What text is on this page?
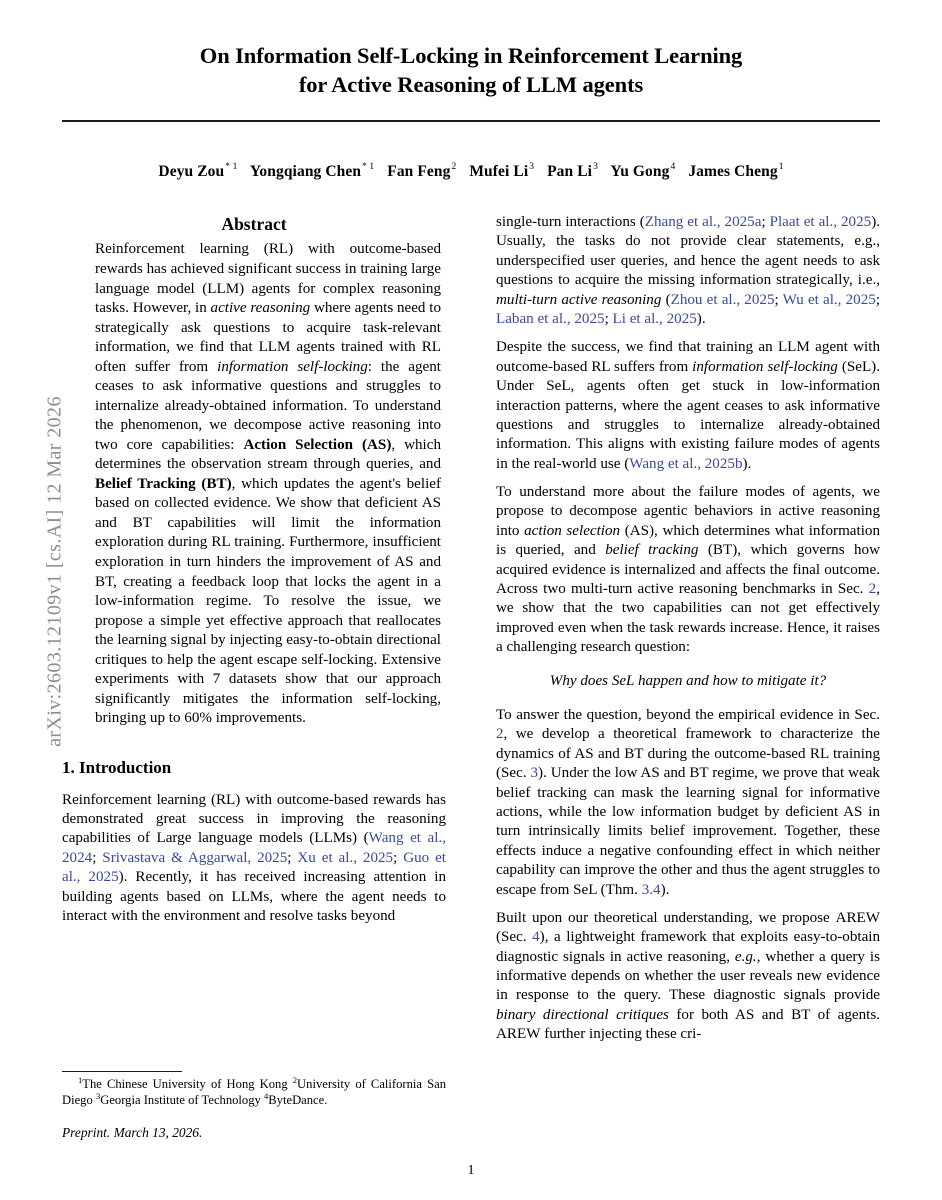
arXiv:2603.12109v1 [cs.AI] 12 Mar 2026
On Information Self-Locking in Reinforcement Learning
for Active Reasoning of LLM agents
Deyu Zou$^{* 1}$ Yongqiang Chen$^{* 1}$ Fan Feng$^2$ Mufei Li$^3$ Pan Li$^3$ Yu Gong$^4$ James Cheng$^1$
Abstract
Reinforcement learning (RL) with outcome-based rewards has achieved significant success in training large language model (LLM) agents for complex reasoning tasks. However, in active reasoning where agents need to strategically ask questions to acquire task-relevant information, we find that LLM agents trained with RL often suffer from information self-locking: the agent ceases to ask informative questions and struggles to internalize already-obtained information. To understand the phenomenon, we decompose active reasoning into two core capabilities: Action Selection (AS), which determines the observation stream through queries, and Belief Tracking (BT), which updates the agent's belief based on collected evidence. We show that deficient AS and BT capabilities will limit the information exploration during RL training. Furthermore, insufficient exploration in turn hinders the improvement of AS and BT, creating a feedback loop that locks the agent in a low-information regime. To resolve the issue, we propose a simple yet effective approach that reallocates the learning signal by injecting easy-to-obtain directional critiques to help the agent escape self-locking. Extensive experiments with 7 datasets show that our approach significantly mitigates the information self-locking, bringing up to 60% improvements.
1. Introduction

Reinforcement learning (RL) with outcome-based rewards has demonstrated great success in improving the reasoning capabilities of Large language models (LLMs) (Wang et al., 2024; Srivastava & Aggarwal, 2025; Xu et al., 2025; Guo et al., 2025). Recently, it has received increasing attention in building agents based on LLMs, where the agent needs to interact with the environment and resolve tasks beyond

single-turn interactions (Zhang et al., 2025a; Plaat et al., 2025). Usually, the tasks do not provide clear statements, e.g., underspecified user queries, and hence the agent needs to ask questions to acquire the missing information strategically, i.e., multi-turn active reasoning (Zhou et al., 2025; Wu et al., 2025; Laban et al., 2025; Li et al., 2025).

Despite the success, we find that training an LLM agent with outcome-based RL suffers from information self-locking (SeL). Under SeL, agents often get stuck in low-information interaction patterns, where the agent ceases to ask informative questions and struggles to internalize already-obtained information. This aligns with existing failure modes of agents in the real-world use (Wang et al., 2025b).

To understand more about the failure modes of agents, we propose to decompose agentic behaviors in active reasoning into action selection (AS), which determines what information is queried, and belief tracking (BT), which governs how acquired evidence is internalized and affects the final outcome. Across two multi-turn active reasoning benchmarks in Sec. 2, we show that the two capabilities can not get effectively improved even when the task rewards increase. Hence, it raises a challenging research question:

Why does SeL happen and how to mitigate it?

To answer the question, beyond the empirical evidence in Sec. 2, we develop a theoretical framework to characterize the dynamics of AS and BT during the outcome-based RL training (Sec. 3). Under the low AS and BT regime, we prove that weak belief tracking can mask the learning signal for informative actions, while the low information budget by deficient AS in turn intrinsically limits belief improvement. Together, these effects induce a negative confounding effect in which neither capability can improve the other and thus the agent struggles to escape from SeL (Thm. 3.4).

Built upon our theoretical understanding, we propose AREW (Sec. 4), a lightweight framework that exploits easy-to-obtain diagnostic signals in active reasoning, e.g., whether a query is informative depends on whether the user reveals new evidence in response to the query. These diagnostic signals provide binary directional critiques for both AS and BT of agents. AREW further injecting these cri-

$^1$The Chinese University of Hong Kong $^2$University of California San Diego $^3$Georgia Institute of Technology $^4$ByteDance.
Preprint. March 13, 2026.
1
